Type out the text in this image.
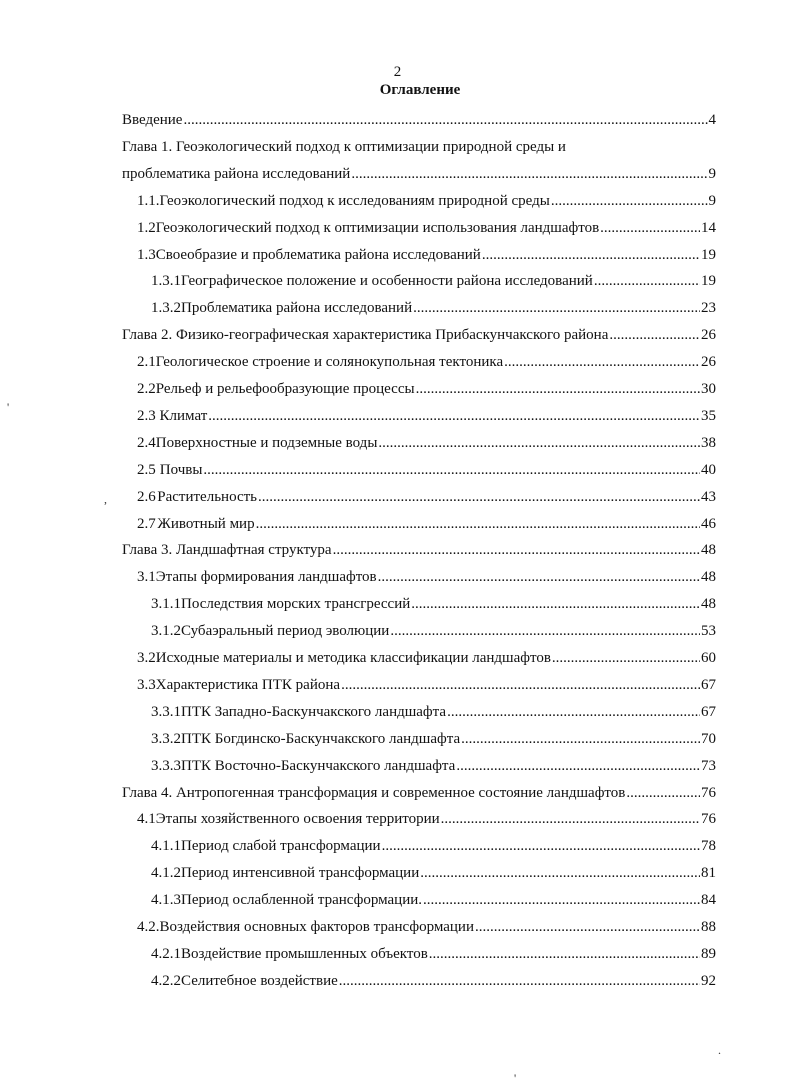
2
Оглавление
Введение .....	4
Глава 1. Геоэкологический подход к оптимизации природной среды и
проблематика района исследований .....	9
1.1. Геоэкологический подход к исследованиям природной среды .....	9
1.2 Геоэкологический подход к оптимизации использования ландшафтов .....	14
1.3 Своеобразие и проблематика района исследований .....	19
1.3.1 Географическое положение и особенности района исследований .....	19
1.3.2 Проблематика района исследований .....	23
Глава 2. Физико-географическая характеристика Прибаскунчакского района .....	26
2.1 Геологическое строение и солянокупольная тектоника .....	26
2.2 Рельеф и рельефообразующие процессы .....	30
2.3 Климат .....	35
2.4 Поверхностные и подземные воды .....	38
2.5 Почвы .....	40
2.6 Растительность .....	43
2.7 Животный мир .....	46
Глава 3. Ландшафтная структура .....	48
3.1 Этапы формирования ландшафтов .....	48
3.1.1 Последствия морских трансгрессий .....	48
3.1.2 Субаэральный период эволюции .....	53
3.2 Исходные материалы и методика классификации ландшафтов .....	60
3.3 Характеристика ПТК района .....	67
3.3.1 ПТК Западно-Баскунчакского ландшафта .....	67
3.3.2 ПТК Богдинско-Баскунчакского ландшафта .....	70
3.3.3 ПТК Восточно-Баскунчакского ландшафта .....	73
Глава 4. Антропогенная трансформация и современное состояние ландшафтов .....	76
4.1 Этапы хозяйственного освоения территории .....	76
4.1.1 Период слабой трансформации .....	78
4.1.2 Период интенсивной трансформации .....	81
4.1.3 Период ослабленной трансформации. .....	84
4.2. Воздействия основных факторов трансформации .....	88
4.2.1 Воздействие промышленных объектов .....	89
4.2.2 Селитебное воздействие .....	92
'
,
.
'
